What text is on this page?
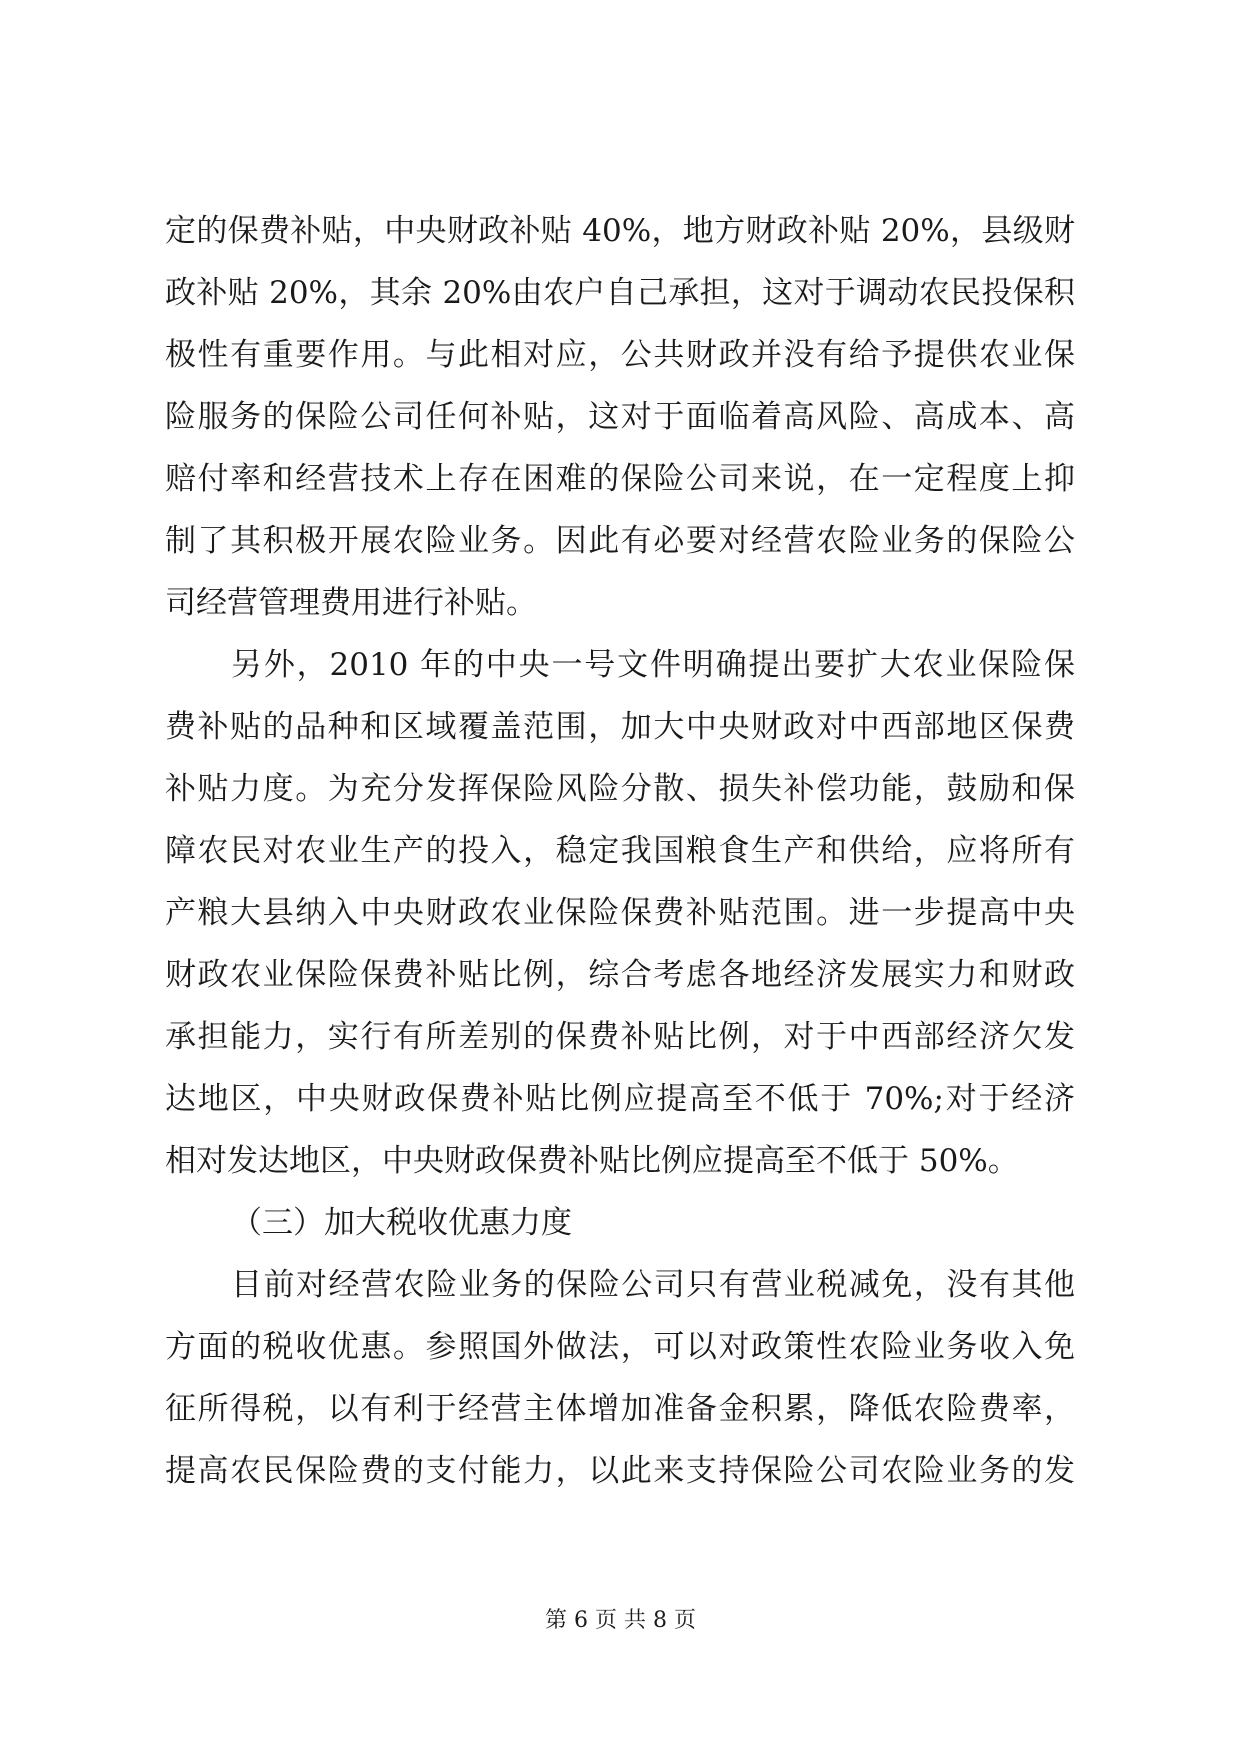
定的保费补贴，中央财政补贴 40%，地方财政补贴 20%，县级财
政补贴 20%，其余 20%由农户自己承担，这对于调动农民投保积
极性有重要作用。与此相对应，公共财政并没有给予提供农业保
险服务的保险公司任何补贴，这对于面临着高风险、高成本、高
赔付率和经营技术上存在困难的保险公司来说，在一定程度上抑
制了其积极开展农险业务。因此有必要对经营农险业务的保险公
司经营管理费用进行补贴。
另外，2010 年的中央一号文件明确提出要扩大农业保险保
费补贴的品种和区域覆盖范围，加大中央财政对中西部地区保费
补贴力度。为充分发挥保险风险分散、损失补偿功能，鼓励和保
障农民对农业生产的投入，稳定我国粮食生产和供给，应将所有
产粮大县纳入中央财政农业保险保费补贴范围。进一步提高中央
财政农业保险保费补贴比例，综合考虑各地经济发展实力和财政
承担能力，实行有所差别的保费补贴比例，对于中西部经济欠发
达地区，中央财政保费补贴比例应提高至不低于 70%;对于经济
相对发达地区，中央财政保费补贴比例应提高至不低于 50%。
（三）加大税收优惠力度
目前对经营农险业务的保险公司只有营业税减免，没有其他
方面的税收优惠。参照国外做法，可以对政策性农险业务收入免
征所得税，以有利于经营主体增加准备金积累，降低农险费率，
提高农民保险费的支付能力，以此来支持保险公司农险业务的发
第 6 页 共 8 页
